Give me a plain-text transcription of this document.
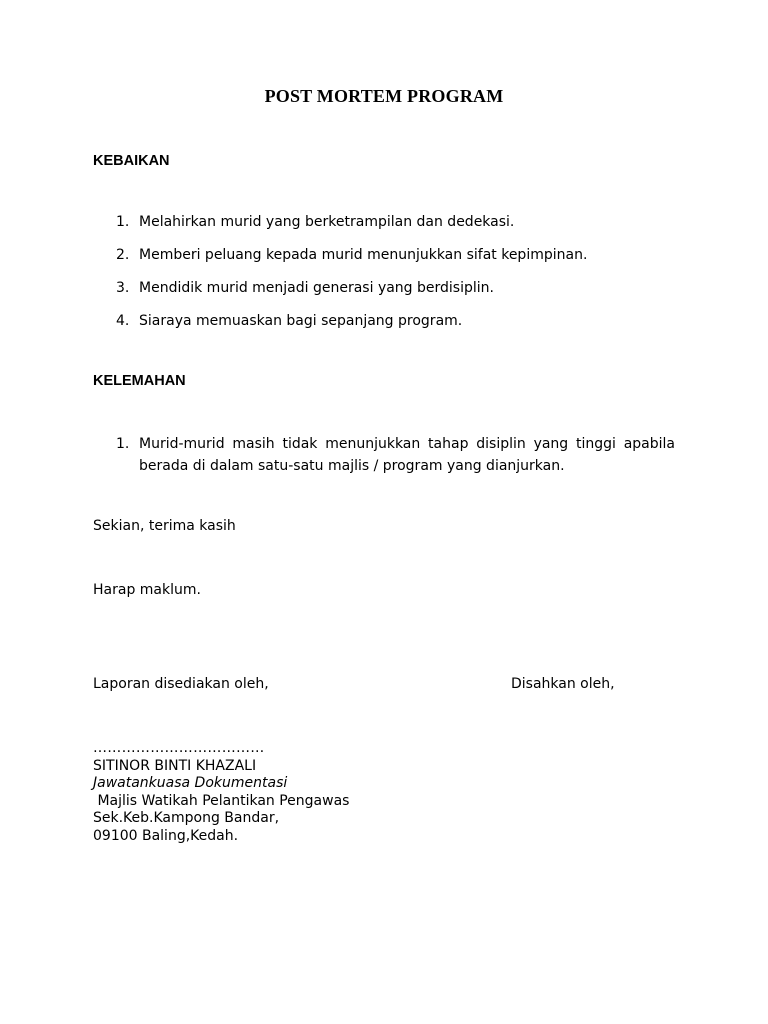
POST MORTEM PROGRAM
KEBAIKAN
1. Melahirkan murid yang berketrampilan dan dedekasi.
2. Memberi peluang kepada murid menunjukkan sifat kepimpinan.
3. Mendidik murid menjadi generasi yang berdisiplin.
4. Siaraya memuaskan bagi sepanjang program.
KELEMAHAN
1. Murid-murid masih tidak menunjukkan tahap disiplin yang tinggi apabila berada di dalam satu-satu majlis / program yang dianjurkan.
Sekian, terima kasih
Harap maklum.
Laporan disediakan oleh,	Disahkan oleh,
………………………………
SITINOR BINTI KHAZALI
Jawatankuasa Dokumentasi
Majlis Watikah Pelantikan Pengawas
Sek.Keb.Kampong Bandar,
09100 Baling,Kedah.
